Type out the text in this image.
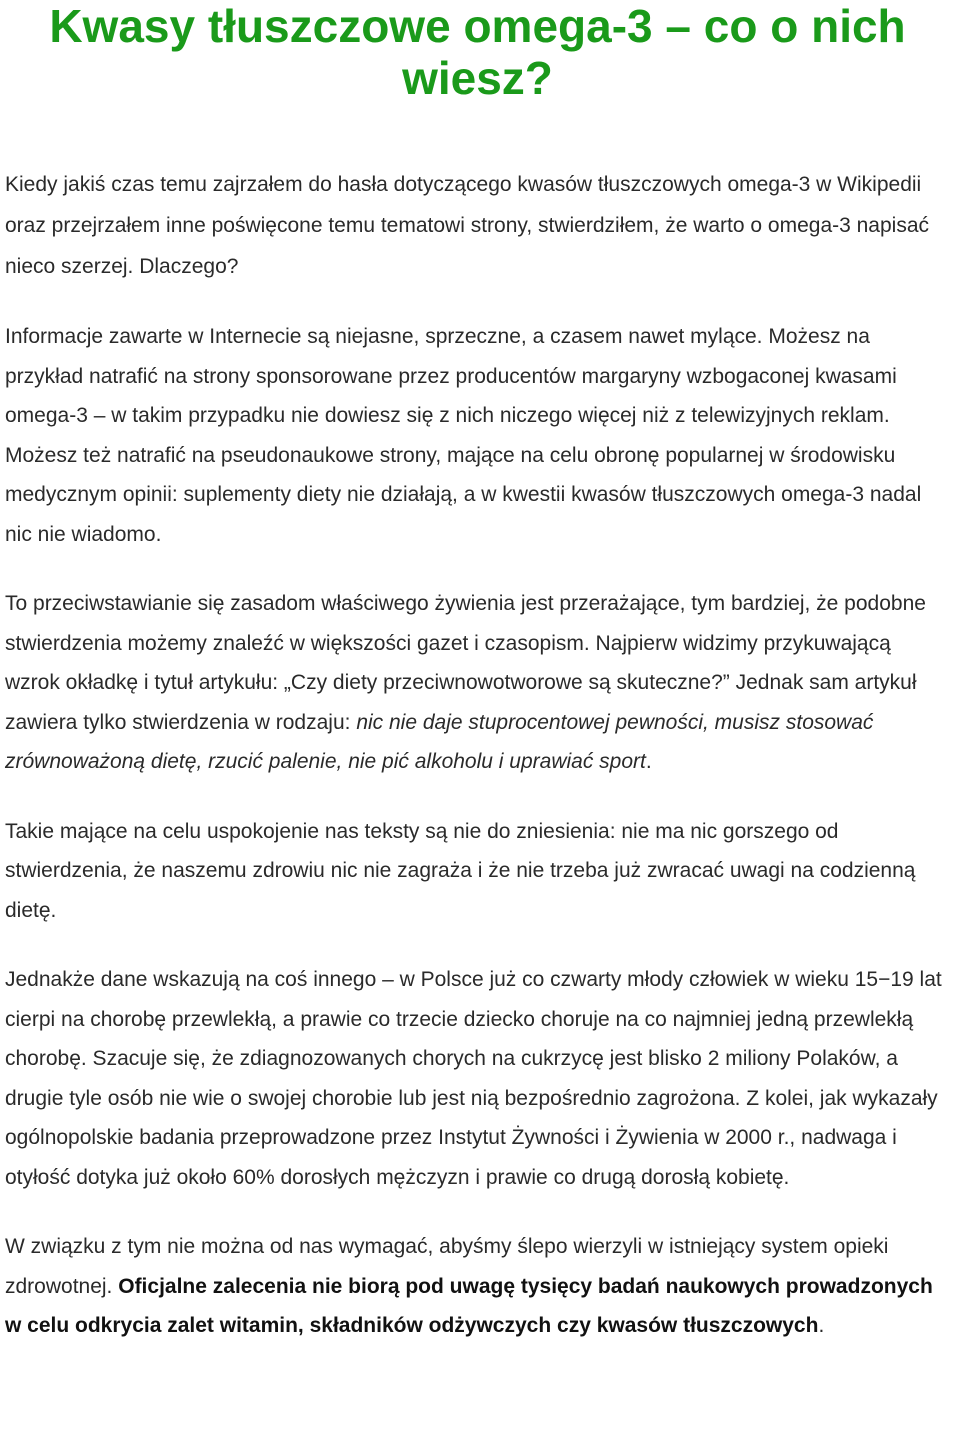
Kwasy tłuszczowe omega-3 – co o nich wiesz?

Kiedy jakiś czas temu zajrzałem do hasła dotyczącego kwasów tłuszczowych omega-3 w Wikipedii oraz przejrzałem inne poświęcone temu tematowi strony, stwierdziłem, że warto o omega-3 napisać nieco szerzej. Dlaczego?

Informacje zawarte w Internecie są niejasne, sprzeczne, a czasem nawet mylące. Możesz na przykład natrafić na strony sponsorowane przez producentów margaryny wzbogaconej kwasami omega-3 – w takim przypadku nie dowiesz się z nich niczego więcej niż z telewizyjnych reklam. Możesz też natrafić na pseudonaukowe strony, mające na celu obronę popularnej w środowisku medycznym opinii: suplementy diety nie działają, a w kwestii kwasów tłuszczowych omega-3 nadal nic nie wiadomo.

To przeciwstawianie się zasadom właściwego żywienia jest przerażające, tym bardziej, że podobne stwierdzenia możemy znaleźć w większości gazet i czasopism. Najpierw widzimy przykuwającą wzrok okładkę i tytuł artykułu: „Czy diety przeciwnowotworowe są skuteczne?” Jednak sam artykuł zawiera tylko stwierdzenia w rodzaju: nic nie daje stuprocentowej pewności, musisz stosować zrównoważoną dietę, rzucić palenie, nie pić alkoholu i uprawiać sport.

Takie mające na celu uspokojenie nas teksty są nie do zniesienia: nie ma nic gorszego od stwierdzenia, że naszemu zdrowiu nic nie zagraża i że nie trzeba już zwracać uwagi na codzienną dietę.

Jednakże dane wskazują na coś innego – w Polsce już co czwarty młody człowiek w wieku 15−19 lat cierpi na chorobę przewlekłą, a prawie co trzecie dziecko choruje na co najmniej jedną przewlekłą chorobę. Szacuje się, że zdiagnozowanych chorych na cukrzycę jest blisko 2 miliony Polaków, a drugie tyle osób nie wie o swojej chorobie lub jest nią bezpośrednio zagrożona. Z kolei, jak wykazały ogólnopolskie badania przeprowadzone przez Instytut Żywności i Żywienia w 2000 r., nadwaga i otyłość dotyka już około 60% dorosłych mężczyzn i prawie co drugą dorosłą kobietę.

W związku z tym nie można od nas wymagać, abyśmy ślepo wierzyli w istniejący system opieki zdrowotnej. Oficjalne zalecenia nie biorą pod uwagę tysięcy badań naukowych prowadzonych w celu odkrycia zalet witamin, składników odżywczych czy kwasów tłuszczowych.
